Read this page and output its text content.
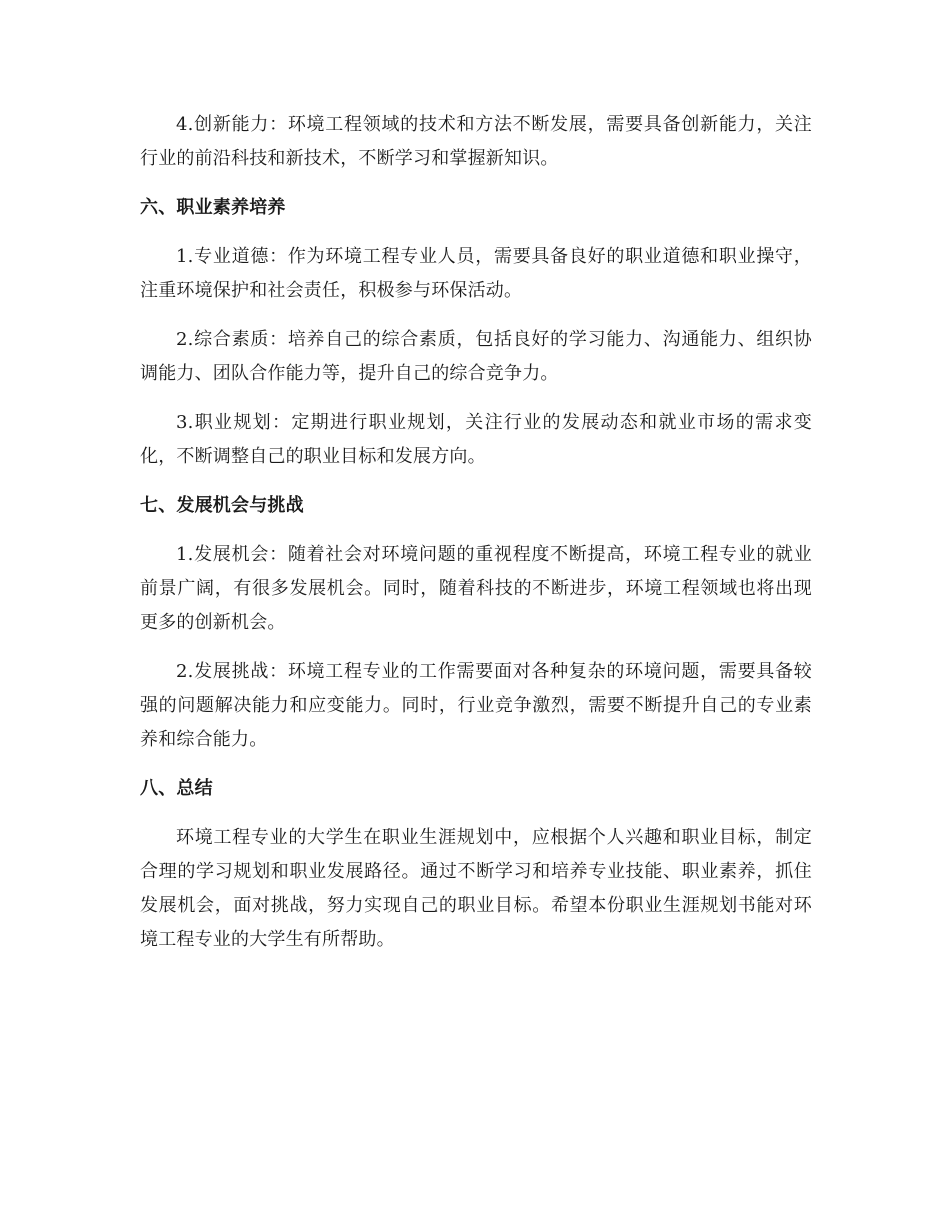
4.创新能力：环境工程领域的技术和方法不断发展，需要具备创新能力，关注行业的前沿科技和新技术，不断学习和掌握新知识。

六、职业素养培养

1.专业道德：作为环境工程专业人员，需要具备良好的职业道德和职业操守，注重环境保护和社会责任，积极参与环保活动。

2.综合素质：培养自己的综合素质，包括良好的学习能力、沟通能力、组织协调能力、团队合作能力等，提升自己的综合竞争力。

3.职业规划：定期进行职业规划，关注行业的发展动态和就业市场的需求变化，不断调整自己的职业目标和发展方向。

七、发展机会与挑战

1.发展机会：随着社会对环境问题的重视程度不断提高，环境工程专业的就业前景广阔，有很多发展机会。同时，随着科技的不断进步，环境工程领域也将出现更多的创新机会。

2.发展挑战：环境工程专业的工作需要面对各种复杂的环境问题，需要具备较强的问题解决能力和应变能力。同时，行业竞争激烈，需要不断提升自己的专业素养和综合能力。

八、总结

环境工程专业的大学生在职业生涯规划中，应根据个人兴趣和职业目标，制定合理的学习规划和职业发展路径。通过不断学习和培养专业技能、职业素养，抓住发展机会，面对挑战，努力实现自己的职业目标。希望本份职业生涯规划书能对环境工程专业的大学生有所帮助。
